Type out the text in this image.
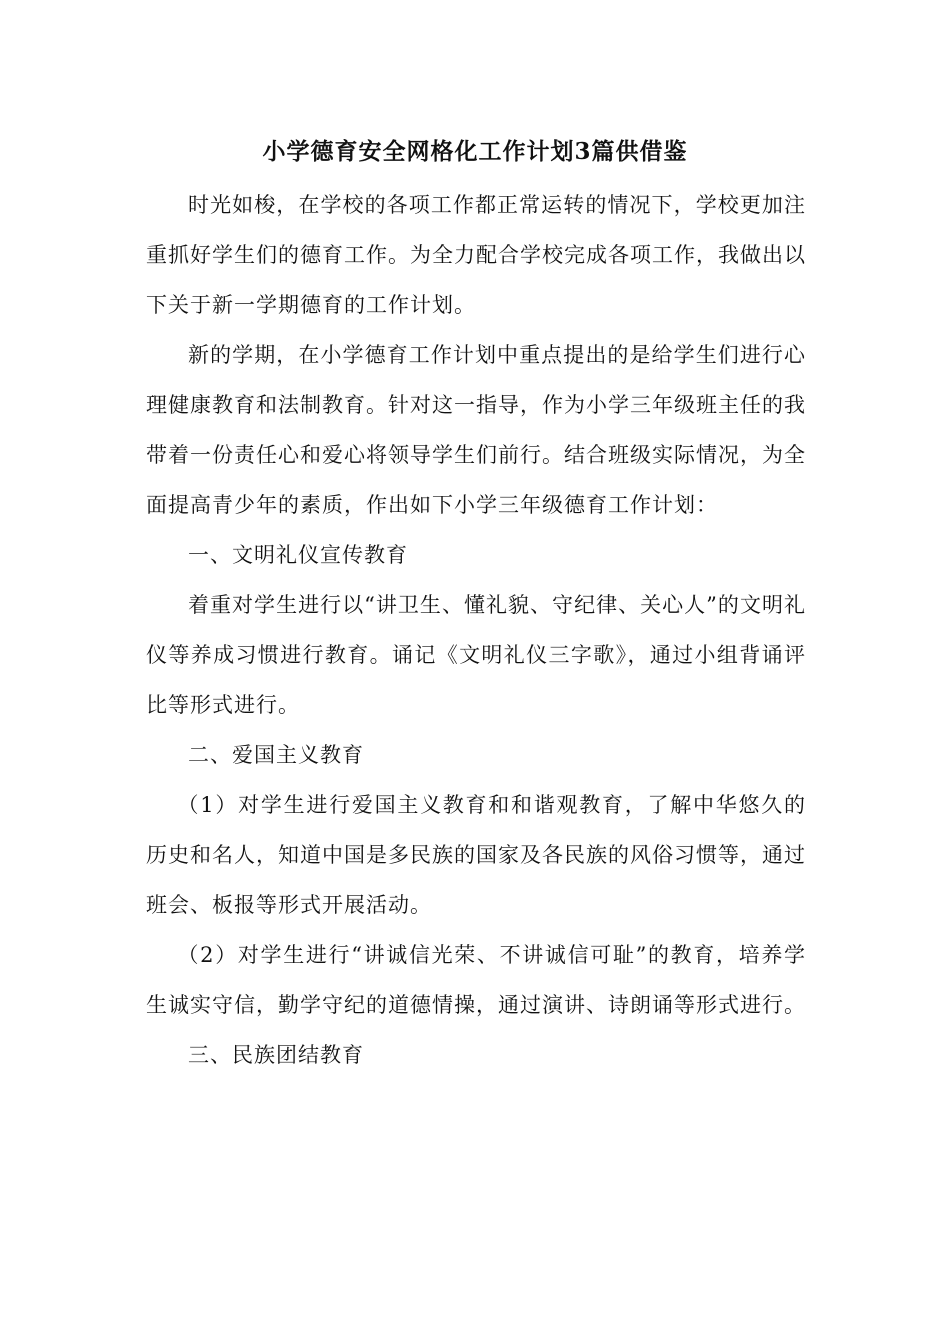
小学德育安全网格化工作计划3篇供借鉴

时光如梭，在学校的各项工作都正常运转的情况下，学校更加注重抓好学生们的德育工作。为全力配合学校完成各项工作，我做出以下关于新一学期德育的工作计划。

新的学期，在小学德育工作计划中重点提出的是给学生们进行心理健康教育和法制教育。针对这一指导，作为小学三年级班主任的我带着一份责任心和爱心将领导学生们前行。结合班级实际情况，为全面提高青少年的素质，作出如下小学三年级德育工作计划：

一、文明礼仪宣传教育

着重对学生进行以“讲卫生、懂礼貌、守纪律、关心人”的文明礼仪等养成习惯进行教育。诵记《文明礼仪三字歌》，通过小组背诵评比等形式进行。

二、爱国主义教育

（1）对学生进行爱国主义教育和和谐观教育，了解中华悠久的历史和名人，知道中国是多民族的国家及各民族的风俗习惯等，通过班会、板报等形式开展活动。

（2）对学生进行“讲诚信光荣、不讲诚信可耻”的教育，培养学生诚实守信，勤学守纪的道德情操，通过演讲、诗朗诵等形式进行。

三、民族团结教育
